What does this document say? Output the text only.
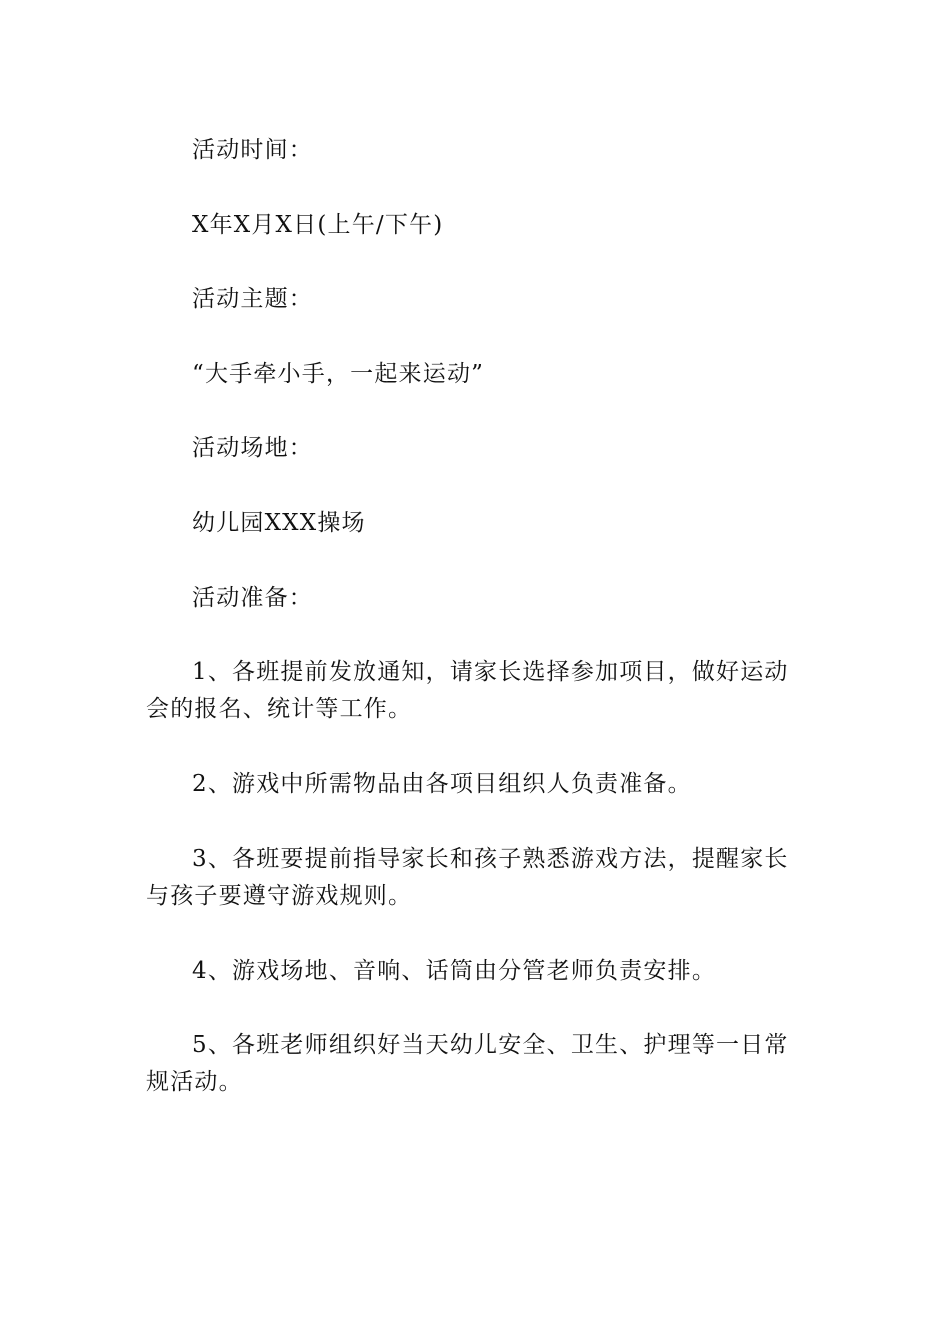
活动时间：

X年X月X日(上午/下午)

活动主题：

“大手牵小手，一起来运动”

活动场地：

幼儿园XXX操场

活动准备：

1、各班提前发放通知，请家长选择参加项目，做好运动会的报名、统计等工作。

2、游戏中所需物品由各项目组织人负责准备。

3、各班要提前指导家长和孩子熟悉游戏方法，提醒家长与孩子要遵守游戏规则。

4、游戏场地、音响、话筒由分管老师负责安排。

5、各班老师组织好当天幼儿安全、卫生、护理等一日常规活动。
